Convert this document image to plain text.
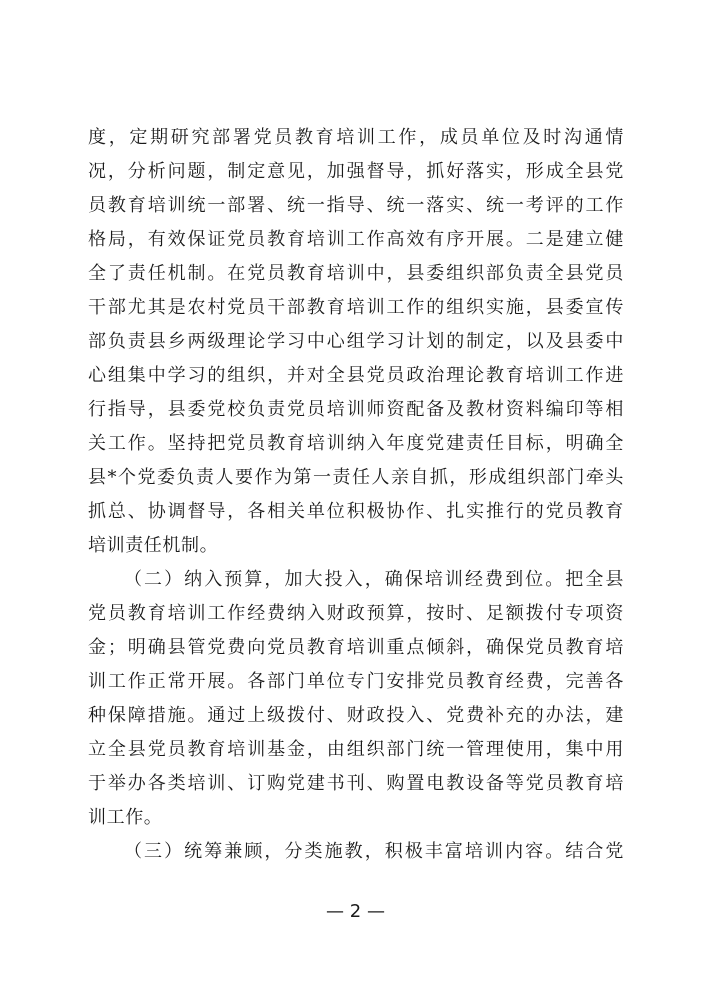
度，定期研究部署党员教育培训工作，成员单位及时沟通情
况，分析问题，制定意见，加强督导，抓好落实，形成全县党
员教育培训统一部署、统一指导、统一落实、统一考评的工作
格局，有效保证党员教育培训工作高效有序开展。二是建立健
全了责任机制。在党员教育培训中，县委组织部负责全县党员
干部尤其是农村党员干部教育培训工作的组织实施，县委宣传
部负责县乡两级理论学习中心组学习计划的制定，以及县委中
心组集中学习的组织，并对全县党员政治理论教育培训工作进
行指导，县委党校负责党员培训师资配备及教材资料编印等相
关工作。坚持把党员教育培训纳入年度党建责任目标，明确全
县*个党委负责人要作为第一责任人亲自抓，形成组织部门牵头
抓总、协调督导，各相关单位积极协作、扎实推行的党员教育
培训责任机制。
（二）纳入预算，加大投入，确保培训经费到位。把全县
党员教育培训工作经费纳入财政预算，按时、足额拨付专项资
金；明确县管党费向党员教育培训重点倾斜，确保党员教育培
训工作正常开展。各部门单位专门安排党员教育经费，完善各
种保障措施。通过上级拨付、财政投入、党费补充的办法，建
立全县党员教育培训基金，由组织部门统一管理使用，集中用
于举办各类培训、订购党建书刊、购置电教设备等党员教育培
训工作。
（三）统筹兼顾，分类施教，积极丰富培训内容。结合党
— 2 —
